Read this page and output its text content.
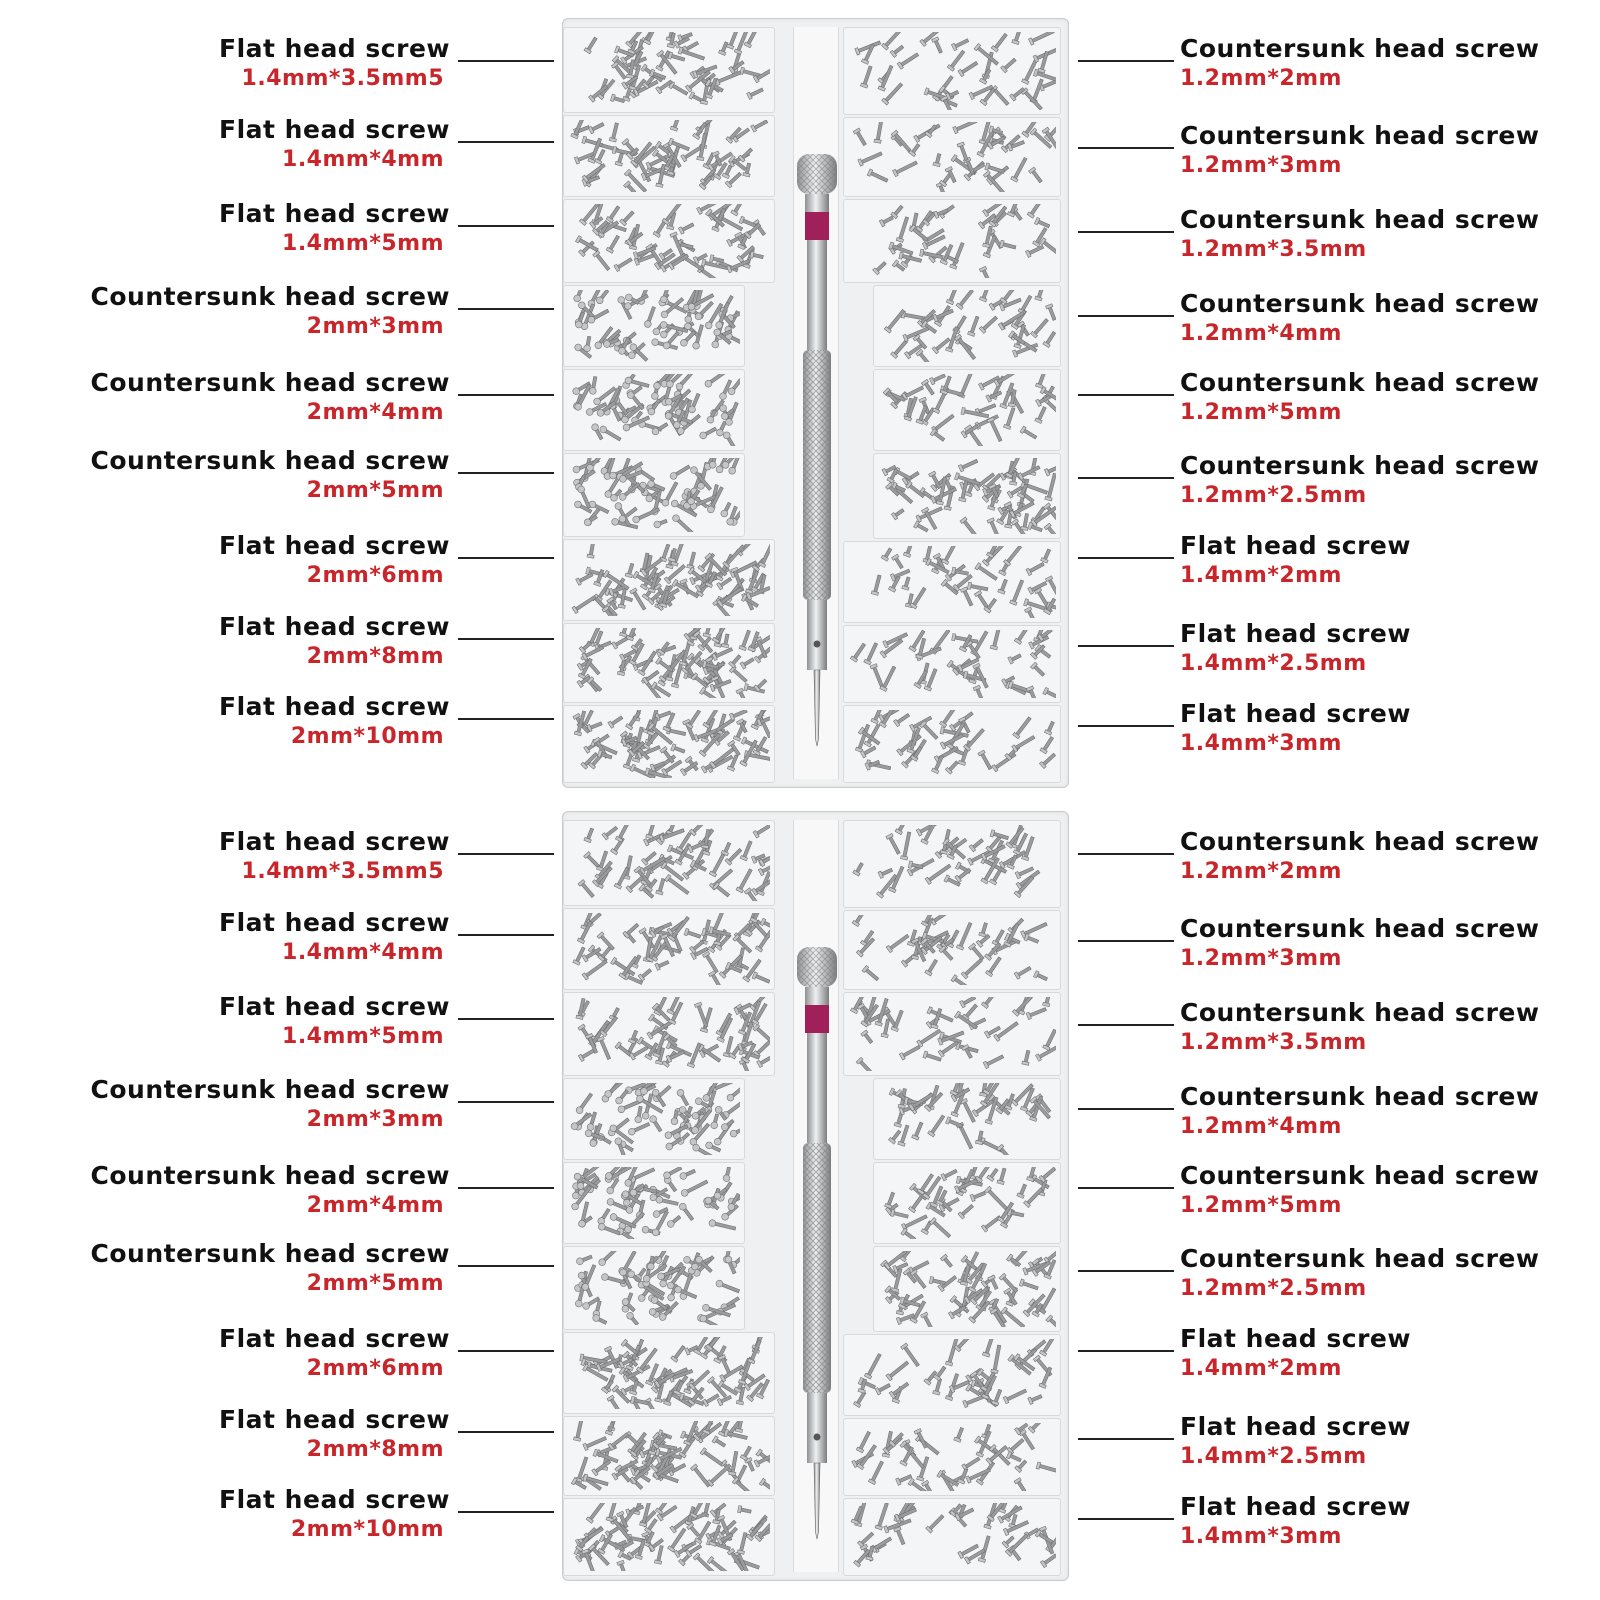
Flat head screw
1.4mm*3.5mm5
Flat head screw
1.4mm*4mm
Flat head screw
1.4mm*5mm
Countersunk head screw
2mm*3mm
Countersunk head screw
2mm*4mm
Countersunk head screw
2mm*5mm
Flat head screw
2mm*6mm
Flat head screw
2mm*8mm
Flat head screw
2mm*10mm
Countersunk head screw
1.2mm*2mm
Countersunk head screw
1.2mm*3mm
Countersunk head screw
1.2mm*3.5mm
Countersunk head screw
1.2mm*4mm
Countersunk head screw
1.2mm*5mm
Countersunk head screw
1.2mm*2.5mm
Flat head screw
1.4mm*2mm
Flat head screw
1.4mm*2.5mm
Flat head screw
1.4mm*3mm
Flat head screw
1.4mm*3.5mm5
Flat head screw
1.4mm*4mm
Flat head screw
1.4mm*5mm
Countersunk head screw
2mm*3mm
Countersunk head screw
2mm*4mm
Countersunk head screw
2mm*5mm
Flat head screw
2mm*6mm
Flat head screw
2mm*8mm
Flat head screw
2mm*10mm
Countersunk head screw
1.2mm*2mm
Countersunk head screw
1.2mm*3mm
Countersunk head screw
1.2mm*3.5mm
Countersunk head screw
1.2mm*4mm
Countersunk head screw
1.2mm*5mm
Countersunk head screw
1.2mm*2.5mm
Flat head screw
1.4mm*2mm
Flat head screw
1.4mm*2.5mm
Flat head screw
1.4mm*3mm
